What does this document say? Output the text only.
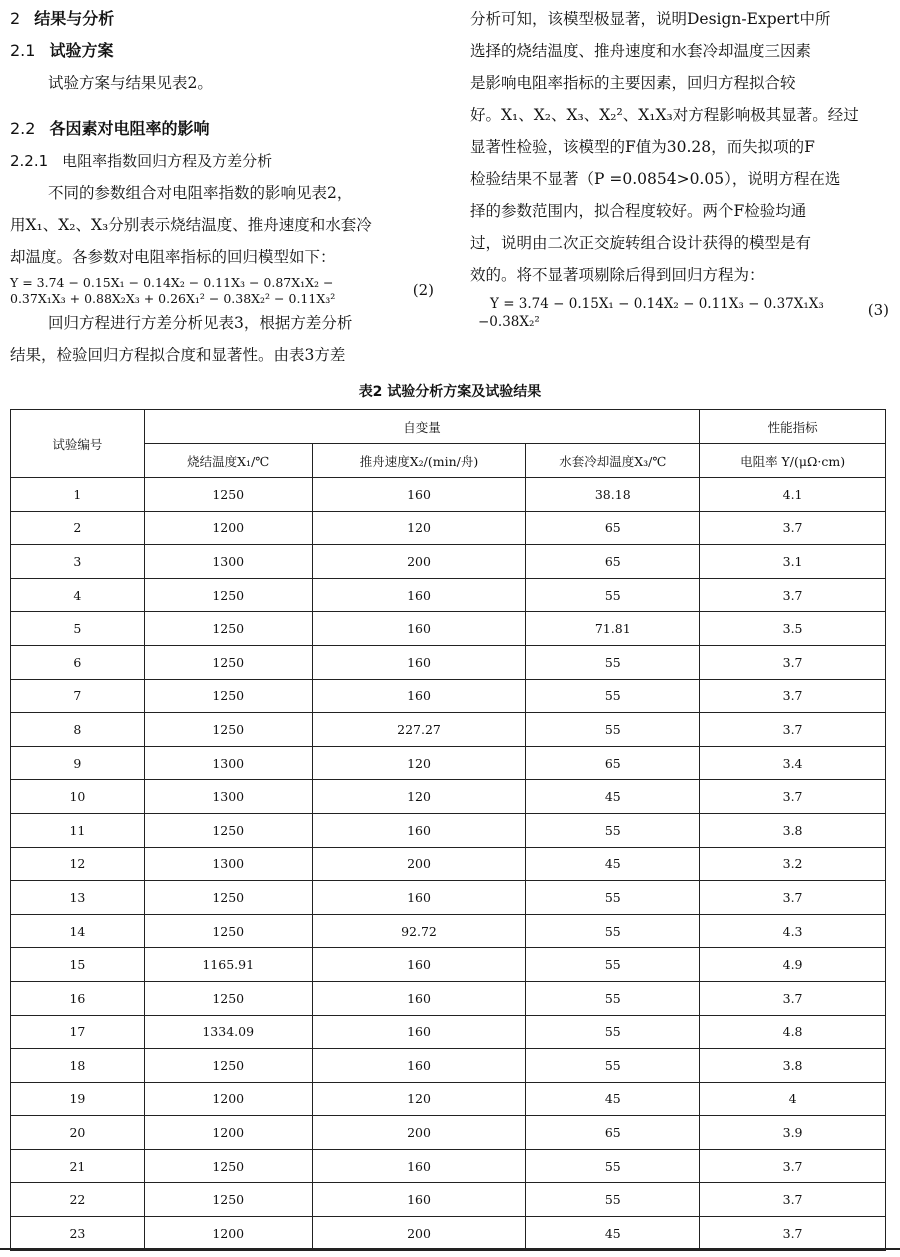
2 结果与分析
2.1 试验方案
试验方案与结果见表2。
2.2 各因素对电阻率的影响
2.2.1 电阻率指数回归方程及方差分析
不同的参数组合对电阻率指数的影响见表2，
用X₁、X₂、X₃分别表示烧结温度、推舟速度和水套冷
却温度。各参数对电阻率指标的回归模型如下：
Y = 3.74 − 0.15X₁ − 0.14X₂ − 0.11X₃ − 0.87X₁X₂ −
0.37X₁X₃ + 0.88X₂X₃ + 0.26X₁² − 0.38X₂² − 0.11X₃²	(2)
回归方程进行方差分析见表3，根据方差分析
结果，检验回归方程拟合度和显著性。由表3方差
分析可知，该模型极显著，说明Design-Expert中所
选择的烧结温度、推舟速度和水套冷却温度三因素
是影响电阻率指标的主要因素，回归方程拟合较
好。X₁、X₂、X₃、X₂²、X₁X₃对方程影响极其显著。经过
显著性检验，该模型的F值为30.28，而失拟项的F
检验结果不显著（P =0.0854>0.05），说明方程在选
择的参数范围内，拟合程度较好。两个F检验均通
过，说明由二次正交旋转组合设计获得的模型是有
效的。将不显著项剔除后得到回归方程为：
Y = 3.74 − 0.15X₁ − 0.14X₂ − 0.11X₃ − 0.37X₁X₃
−0.38X₂²
(3)
表2 试验分析方案及试验结果
试验编号	自变量			性能指标
	烧结温度X₁/℃	推舟速度X₂/(min/舟)	水套冷却温度X₃/℃	电阻率 Y/(μΩ·cm)
1	1250	160	38.18	4.1
2	1200	120	65	3.7
3	1300	200	65	3.1
4	1250	160	55	3.7
5	1250	160	71.81	3.5
6	1250	160	55	3.7
7	1250	160	55	3.7
8	1250	227.27	55	3.7
9	1300	120	65	3.4
10	1300	120	45	3.7
11	1250	160	55	3.8
12	1300	200	45	3.2
13	1250	160	55	3.7
14	1250	92.72	55	4.3
15	1165.91	160	55	4.9
16	1250	160	55	3.7
17	1334.09	160	55	4.8
18	1250	160	55	3.8
19	1200	120	45	4
20	1200	200	65	3.9
21	1250	160	55	3.7
22	1250	160	55	3.7
23	1200	200	45	3.7
